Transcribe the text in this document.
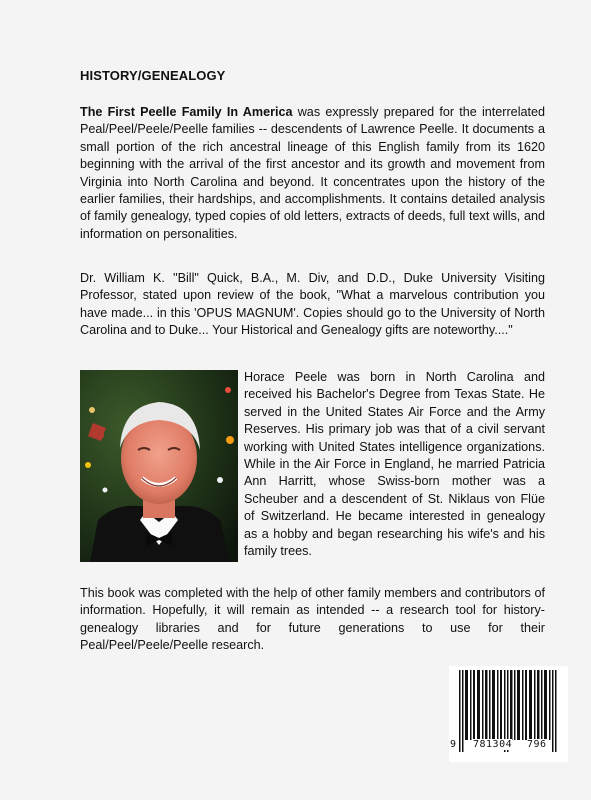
HISTORY/GENEALOGY

The First Peelle Family In America was expressly prepared for the interrelated Peal/Peel/Peele/Peelle families -- descendents of Lawrence Peelle. It documents a small portion of the rich ancestral lineage of this English family from its 1620 beginning with the arrival of the first ancestor and its growth and movement from Virginia into North Carolina and beyond. It concentrates upon the history of the earlier families, their hardships, and accomplishments. It contains detailed analysis of family genealogy, typed copies of old letters, extracts of deeds, full text wills, and information on personalities.

Dr. William K. "Bill" Quick, B.A., M. Div, and D.D., Duke University Visiting Professor, stated upon review of the book, "What a marvelous contribution you have made... in this 'OPUS MAGNUM'. Copies should go to the University of North Carolina and to Duke... Your Historical and Genealogy gifts are noteworthy...."

Horace Peele was born in North Carolina and received his Bachelor's Degree from Texas State. He served in the United States Air Force and the Army Reserves. His primary job was that of a civil servant working with United States intelligence organizations. While in the Air Force in England, he married Patricia Ann Harritt, whose Swiss-born mother was a Scheuber and a descendent of St. Niklaus von Flüe of Switzerland. He became interested in genealogy as a hobby and began researching his wife's and his family trees.

This book was completed with the help of other family members and contributors of information. Hopefully, it will remain as intended -- a research tool for history-genealogy libraries and for future generations to use for their Peal/Peel/Peele/Peelle research.

9 781304 796
